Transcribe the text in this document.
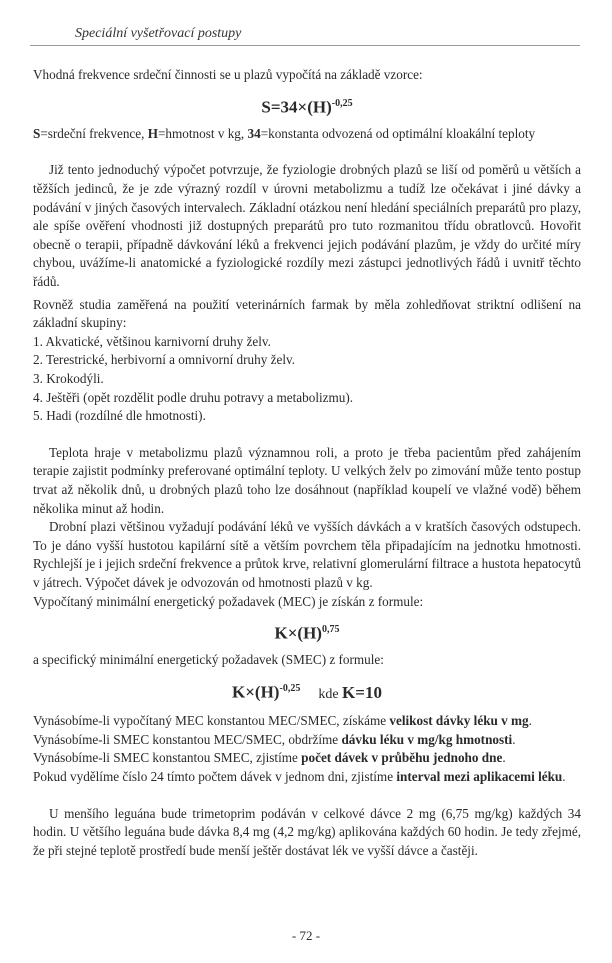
Speciální vyšetřovací postupy

Vhodná frekvence srdeční činnosti se u plazů vypočítá na základě vzorce:

$S=34\times(H)^{-0,25}$

S=srdeční frekvence, H=hmotnost v kg, 34=konstanta odvozená od optimální kloakální teploty

Již tento jednoduchý výpočet potvrzuje, že fyziologie drobných plazů se liší od poměrů u větších a těžších jedinců, že je zde výrazný rozdíl v úrovni metabolizmu a tudíž lze očekávat i jiné dávky a podávání v jiných časových intervalech. Základní otázkou není hledání speciálních preparátů pro plazy, ale spíše ověření vhodnosti již dostupných preparátů pro tuto rozmanitou třídu obratlovců. Hovořit obecně o terapii, případně dávkování léků a frekvenci jejich podávání plazům, je vždy do určité míry chybou, uvážíme-li anatomické a fyziologické rozdíly mezi zástupci jednotlivých řádů i uvnitř těchto řádů.

Rovněž studia zaměřená na použití veterinárních farmak by měla zohledňovat striktní odlišení na základní skupiny:

1. Akvatické, většinou karnivorní druhy želv.
2. Terestrické, herbivorní a omnivorní druhy želv.
3. Krokodýli.
4. Ještěři (opět rozdělit podle druhu potravy a metabolizmu).
5. Hadi (rozdílné dle hmotnosti).

Teplota hraje v metabolizmu plazů významnou roli, a proto je třeba pacientům před zahájením terapie zajistit podmínky preferované optimální teploty. U velkých želv po zimování může tento postup trvat až několik dnů, u drobných plazů toho lze dosáhnout (například koupelí ve vlažné vodě) během několika minut až hodin.

Drobní plazi většinou vyžadují podávání léků ve vyšších dávkách a v kratších časových odstupech. To je dáno vyšší hustotou kapilární sítě a větším povrchem těla připadajícím na jednotku hmotnosti. Rychlejší je i jejich srdeční frekvence a průtok krve, relativní glomerulární filtrace a hustota hepatocytů v játrech. Výpočet dávek je odvozován od hmotnosti plazů v kg.

Vypočítaný minimální energetický požadavek (MEC) je získán z formule:

$K\times(H)^{0,75}$

a specifický minimální energetický požadavek (SMEC) z formule:

$K\times(H)^{-0,25}$ kde K=10
Vynásobíme-li vypočítaný MEC konstantou MEC/SMEC, získáme velikost dávky léku v mg.
Vynásobíme-li SMEC konstantou MEC/SMEC, obdržíme dávku léku v mg/kg hmotnosti.
Vynásobíme-li SMEC konstantou SMEC, zjistíme počet dávek v průběhu jednoho dne.
Pokud vydělíme číslo 24 tímto počtem dávek v jednom dni, zjistíme interval mezi aplikacemi léku.

U menšího leguána bude trimetoprim podáván v celkové dávce 2 mg (6,75 mg/kg) každých 34 hodin. U většího leguána bude dávka 8,4 mg (4,2 mg/kg) aplikována každých 60 hodin. Je tedy zřejmé, že při stejné teplotě prostředí bude menší ještěr dostávat lék ve vyšší dávce a častěji.

- 72 -
